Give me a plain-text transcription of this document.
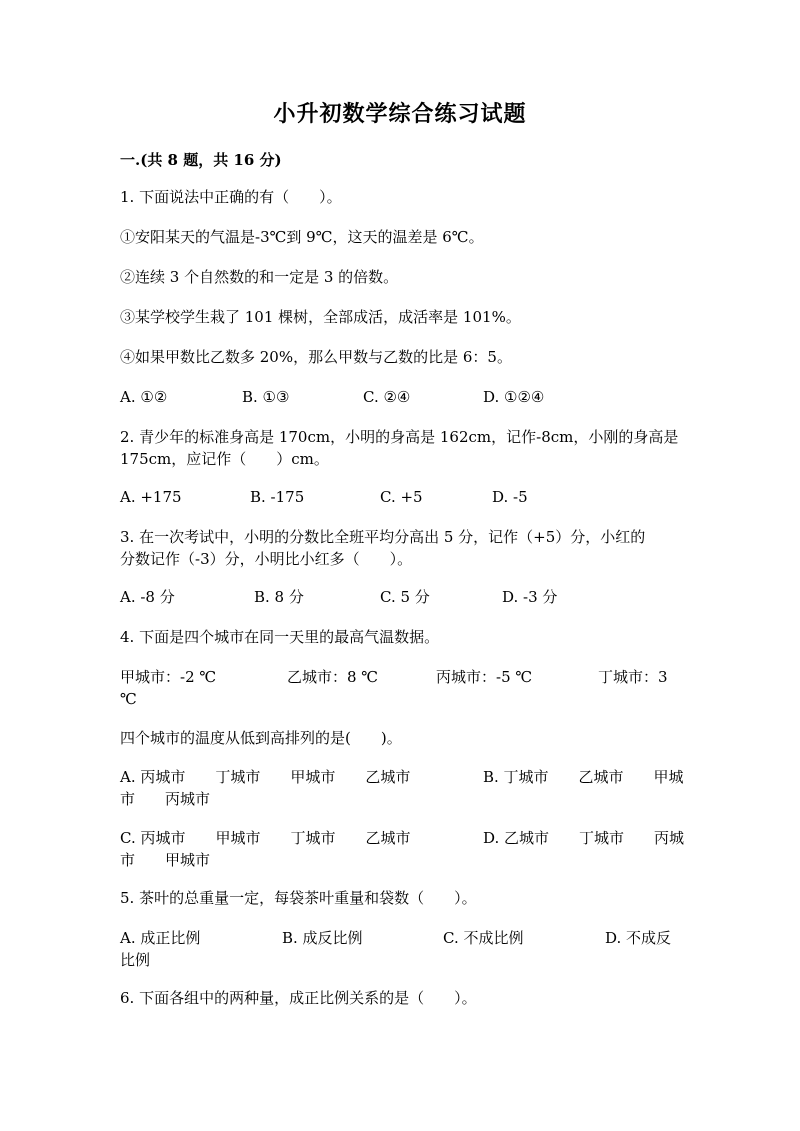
小升初数学综合练习试题
一.(共 8 题，共 16 分)
1. 下面说法中正确的有（　　）。
①安阳某天的气温是-3℃到 9℃，这天的温差是 6℃。
②连续 3 个自然数的和一定是 3 的倍数。
③某学校学生栽了 101 棵树，全部成活，成活率是 101%。
④如果甲数比乙数多 20%，那么甲数与乙数的比是 6：5。
A. ①②	B. ①③	C. ②④	D. ①②④
2. 青少年的标准身高是 170cm，小明的身高是 162cm，记作-8cm，小刚的身高是
175cm，应记作（　　）cm。
A. +175	B. -175	C. +5	D. -5
3. 在一次考试中，小明的分数比全班平均分高出 5 分，记作（+5）分，小红的
分数记作（-3）分，小明比小红多（　　）。
A. -8 分	B. 8 分	C. 5 分	D. -3 分
4. 下面是四个城市在同一天里的最高气温数据。
甲城市：-2 ℃	乙城市：8 ℃	丙城市：-5 ℃	丁城市：3
℃
四个城市的温度从低到高排列的是(　　)。
A. 丙城市　　丁城市　　甲城市　　乙城市	B. 丁城市　　乙城市　　甲城
市　　丙城市
C. 丙城市　　甲城市　　丁城市　　乙城市	D. 乙城市　　丁城市　　丙城
市　　甲城市
5. 茶叶的总重量一定，每袋茶叶重量和袋数（　　）。
A. 成正比例	B. 成反比例	C. 不成比例	D. 不成反
比例
6. 下面各组中的两种量，成正比例关系的是（　　）。
